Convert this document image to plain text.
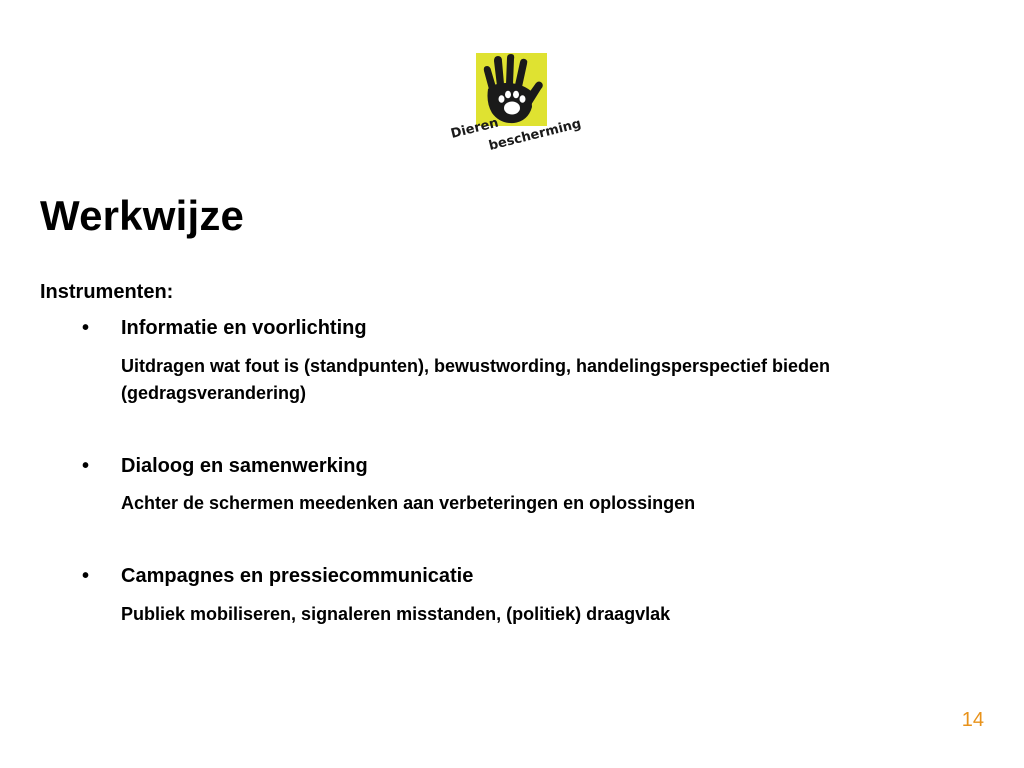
Dieren
bescherming
Werkwijze
Instrumenten:
• Informatie en voorlichting
Uitdragen wat fout is (standpunten), bewustwording, handelingsperspectief bieden (gedragsverandering)
• Dialoog en samenwerking
Achter de schermen meedenken aan verbeteringen en oplossingen
• Campagnes en pressiecommunicatie
Publiek mobiliseren, signaleren misstanden, (politiek) draagvlak
14
